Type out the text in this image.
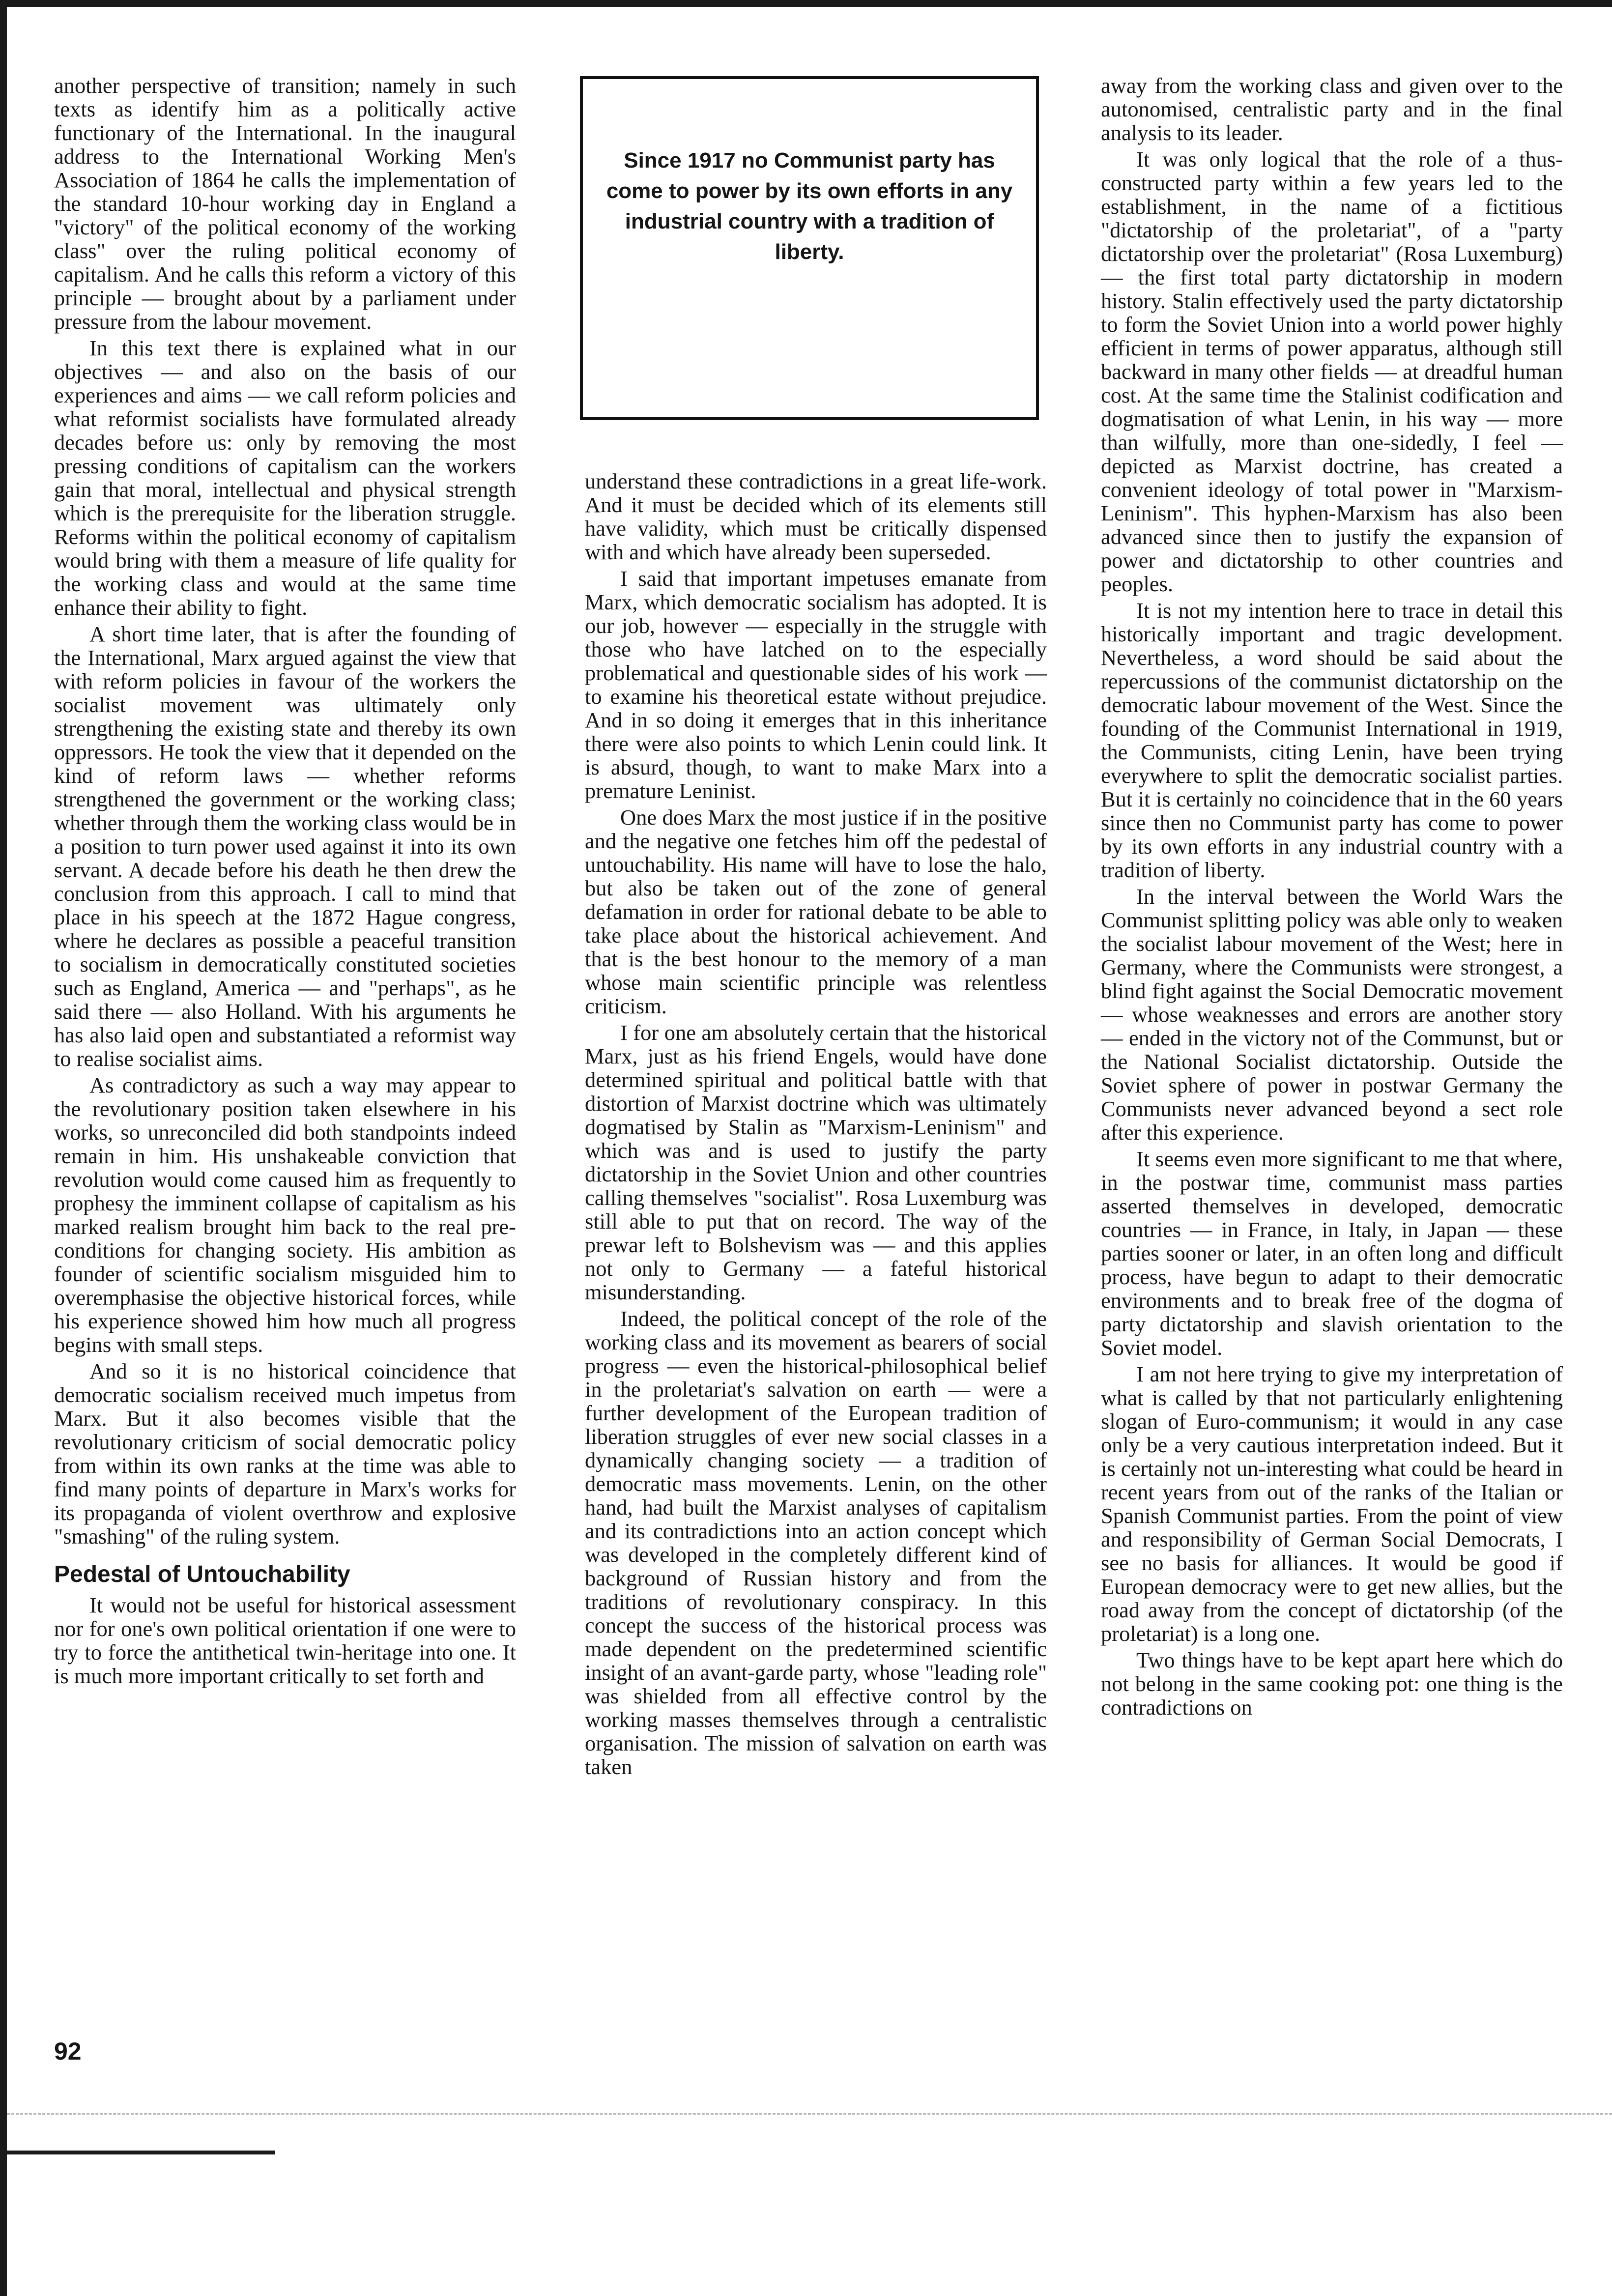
another perspective of transition; namely in such texts as identify him as a politically active functionary of the International. In the inaugural address to the International Working Men's Association of 1864 he calls the implementation of the standard 10-hour working day in England a "victory" of the political economy of the working class" over the ruling political economy of capitalism. And he calls this reform a victory of this principle — brought about by a parliament under pressure from the labour movement.

In this text there is explained what in our objectives — and also on the basis of our experiences and aims — we call reform policies and what reformist socialists have formulated already decades before us: only by removing the most pressing conditions of capitalism can the workers gain that moral, intellectual and physical strength which is the prerequisite for the liberation struggle. Reforms within the political economy of capitalism would bring with them a measure of life quality for the working class and would at the same time enhance their ability to fight.

A short time later, that is after the founding of the International, Marx argued against the view that with reform policies in favour of the workers the socialist movement was ultimately only strengthening the existing state and thereby its own oppressors. He took the view that it depended on the kind of reform laws — whether reforms strengthened the government or the working class; whether through them the working class would be in a position to turn power used against it into its own servant. A decade before his death he then drew the conclusion from this approach. I call to mind that place in his speech at the 1872 Hague congress, where he declares as possible a peaceful transition to socialism in democratically constituted societies such as England, America — and "perhaps", as he said there — also Holland. With his arguments he has also laid open and substantiated a reformist way to realise socialist aims.

As contradictory as such a way may appear to the revolutionary position taken elsewhere in his works, so unreconciled did both standpoints indeed remain in him. His unshakeable conviction that revolution would come caused him as frequently to prophesy the imminent collapse of capitalism as his marked realism brought him back to the real pre-conditions for changing society. His ambition as founder of scientific socialism misguided him to overemphasise the objective historical forces, while his experience showed him how much all progress begins with small steps.

And so it is no historical coincidence that democratic socialism received much impetus from Marx. But it also becomes visible that the revolutionary criticism of social democratic policy from within its own ranks at the time was able to find many points of departure in Marx's works for its propaganda of violent overthrow and explosive "smashing" of the ruling system.

Pedestal of Untouchability

It would not be useful for historical assessment nor for one's own political orientation if one were to try to force the antithetical twin-heritage into one. It is much more important critically to set forth and

Since 1917 no Communist party has come to power by its own efforts in any industrial country with a tradition of liberty.

understand these contradictions in a great life-work. And it must be decided which of its elements still have validity, which must be critically dispensed with and which have already been superseded.

I said that important impetuses emanate from Marx, which democratic socialism has adopted. It is our job, however — especially in the struggle with those who have latched on to the especially problematical and questionable sides of his work — to examine his theoretical estate without prejudice. And in so doing it emerges that in this inheritance there were also points to which Lenin could link. It is absurd, though, to want to make Marx into a premature Leninist.

One does Marx the most justice if in the positive and the negative one fetches him off the pedestal of untouchability. His name will have to lose the halo, but also be taken out of the zone of general defamation in order for rational debate to be able to take place about the historical achievement. And that is the best honour to the memory of a man whose main scientific principle was relentless criticism.

I for one am absolutely certain that the historical Marx, just as his friend Engels, would have done determined spiritual and political battle with that distortion of Marxist doctrine which was ultimately dogmatised by Stalin as "Marxism-Leninism" and which was and is used to justify the party dictatorship in the Soviet Union and other countries calling themselves "socialist". Rosa Luxemburg was still able to put that on record. The way of the prewar left to Bolshevism was — and this applies not only to Germany — a fateful historical misunderstanding.

Indeed, the political concept of the role of the working class and its movement as bearers of social progress — even the historical-philosophical belief in the proletariat's salvation on earth — were a further development of the European tradition of liberation struggles of ever new social classes in a dynamically changing society — a tradition of democratic mass movements. Lenin, on the other hand, had built the Marxist analyses of capitalism and its contradictions into an action concept which was developed in the completely different kind of background of Russian history and from the traditions of revolutionary conspiracy. In this concept the success of the historical process was made dependent on the predetermined scientific insight of an avant-garde party, whose "leading role" was shielded from all effective control by the working masses themselves through a centralistic organisation. The mission of salvation on earth was taken

away from the working class and given over to the autonomised, centralistic party and in the final analysis to its leader.

It was only logical that the role of a thus-constructed party within a few years led to the establishment, in the name of a fictitious "dictatorship of the proletariat", of a "party dictatorship over the proletariat" (Rosa Luxemburg) — the first total party dictatorship in modern history. Stalin effectively used the party dictatorship to form the Soviet Union into a world power highly efficient in terms of power apparatus, although still backward in many other fields — at dreadful human cost. At the same time the Stalinist codification and dogmatisation of what Lenin, in his way — more than wilfully, more than one-sidedly, I feel — depicted as Marxist doctrine, has created a convenient ideology of total power in "Marxism-Leninism". This hyphen-Marxism has also been advanced since then to justify the expansion of power and dictatorship to other countries and peoples.

It is not my intention here to trace in detail this historically important and tragic development. Nevertheless, a word should be said about the repercussions of the communist dictatorship on the democratic labour movement of the West. Since the founding of the Communist International in 1919, the Communists, citing Lenin, have been trying everywhere to split the democratic socialist parties. But it is certainly no coincidence that in the 60 years since then no Communist party has come to power by its own efforts in any industrial country with a tradition of liberty.

In the interval between the World Wars the Communist splitting policy was able only to weaken the socialist labour movement of the West; here in Germany, where the Communists were strongest, a blind fight against the Social Democratic movement — whose weaknesses and errors are another story — ended in the victory not of the Communst, but or the National Socialist dictatorship. Outside the Soviet sphere of power in postwar Germany the Communists never advanced beyond a sect role after this experience.

It seems even more significant to me that where, in the postwar time, communist mass parties asserted themselves in developed, democratic countries — in France, in Italy, in Japan — these parties sooner or later, in an often long and difficult process, have begun to adapt to their democratic environments and to break free of the dogma of party dictatorship and slavish orientation to the Soviet model.

I am not here trying to give my interpretation of what is called by that not particularly enlightening slogan of Euro-communism; it would in any case only be a very cautious interpretation indeed. But it is certainly not un-interesting what could be heard in recent years from out of the ranks of the Italian or Spanish Communist parties. From the point of view and responsibility of German Social Democrats, I see no basis for alliances. It would be good if European democracy were to get new allies, but the road away from the concept of dictatorship (of the proletariat) is a long one.

Two things have to be kept apart here which do not belong in the same cooking pot: one thing is the contradictions on

92
